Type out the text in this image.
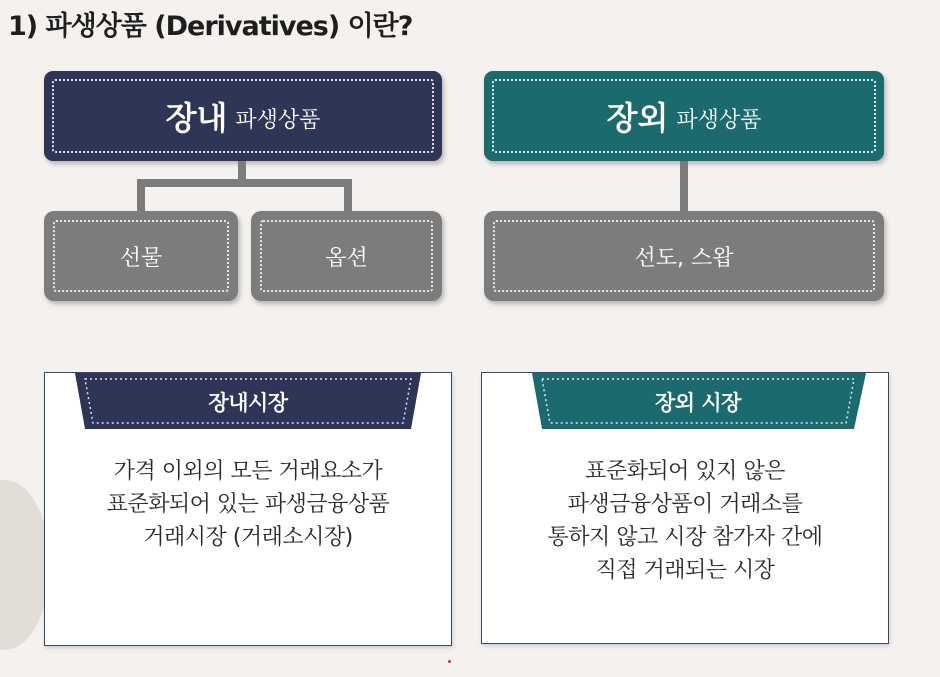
1) 파생상품 (Derivatives) 이란?
장내 파생상품
선물	옵션
장외 파생상품
선도, 스왑
장내시장
가격 이외의 모든 거래요소가
표준화되어 있는 파생금융상품
거래시장 (거래소시장)
장외 시장
표준화되어 있지 않은
파생금융상품이 거래소를
통하지 않고 시장 참가자 간에
직접 거래되는 시장
